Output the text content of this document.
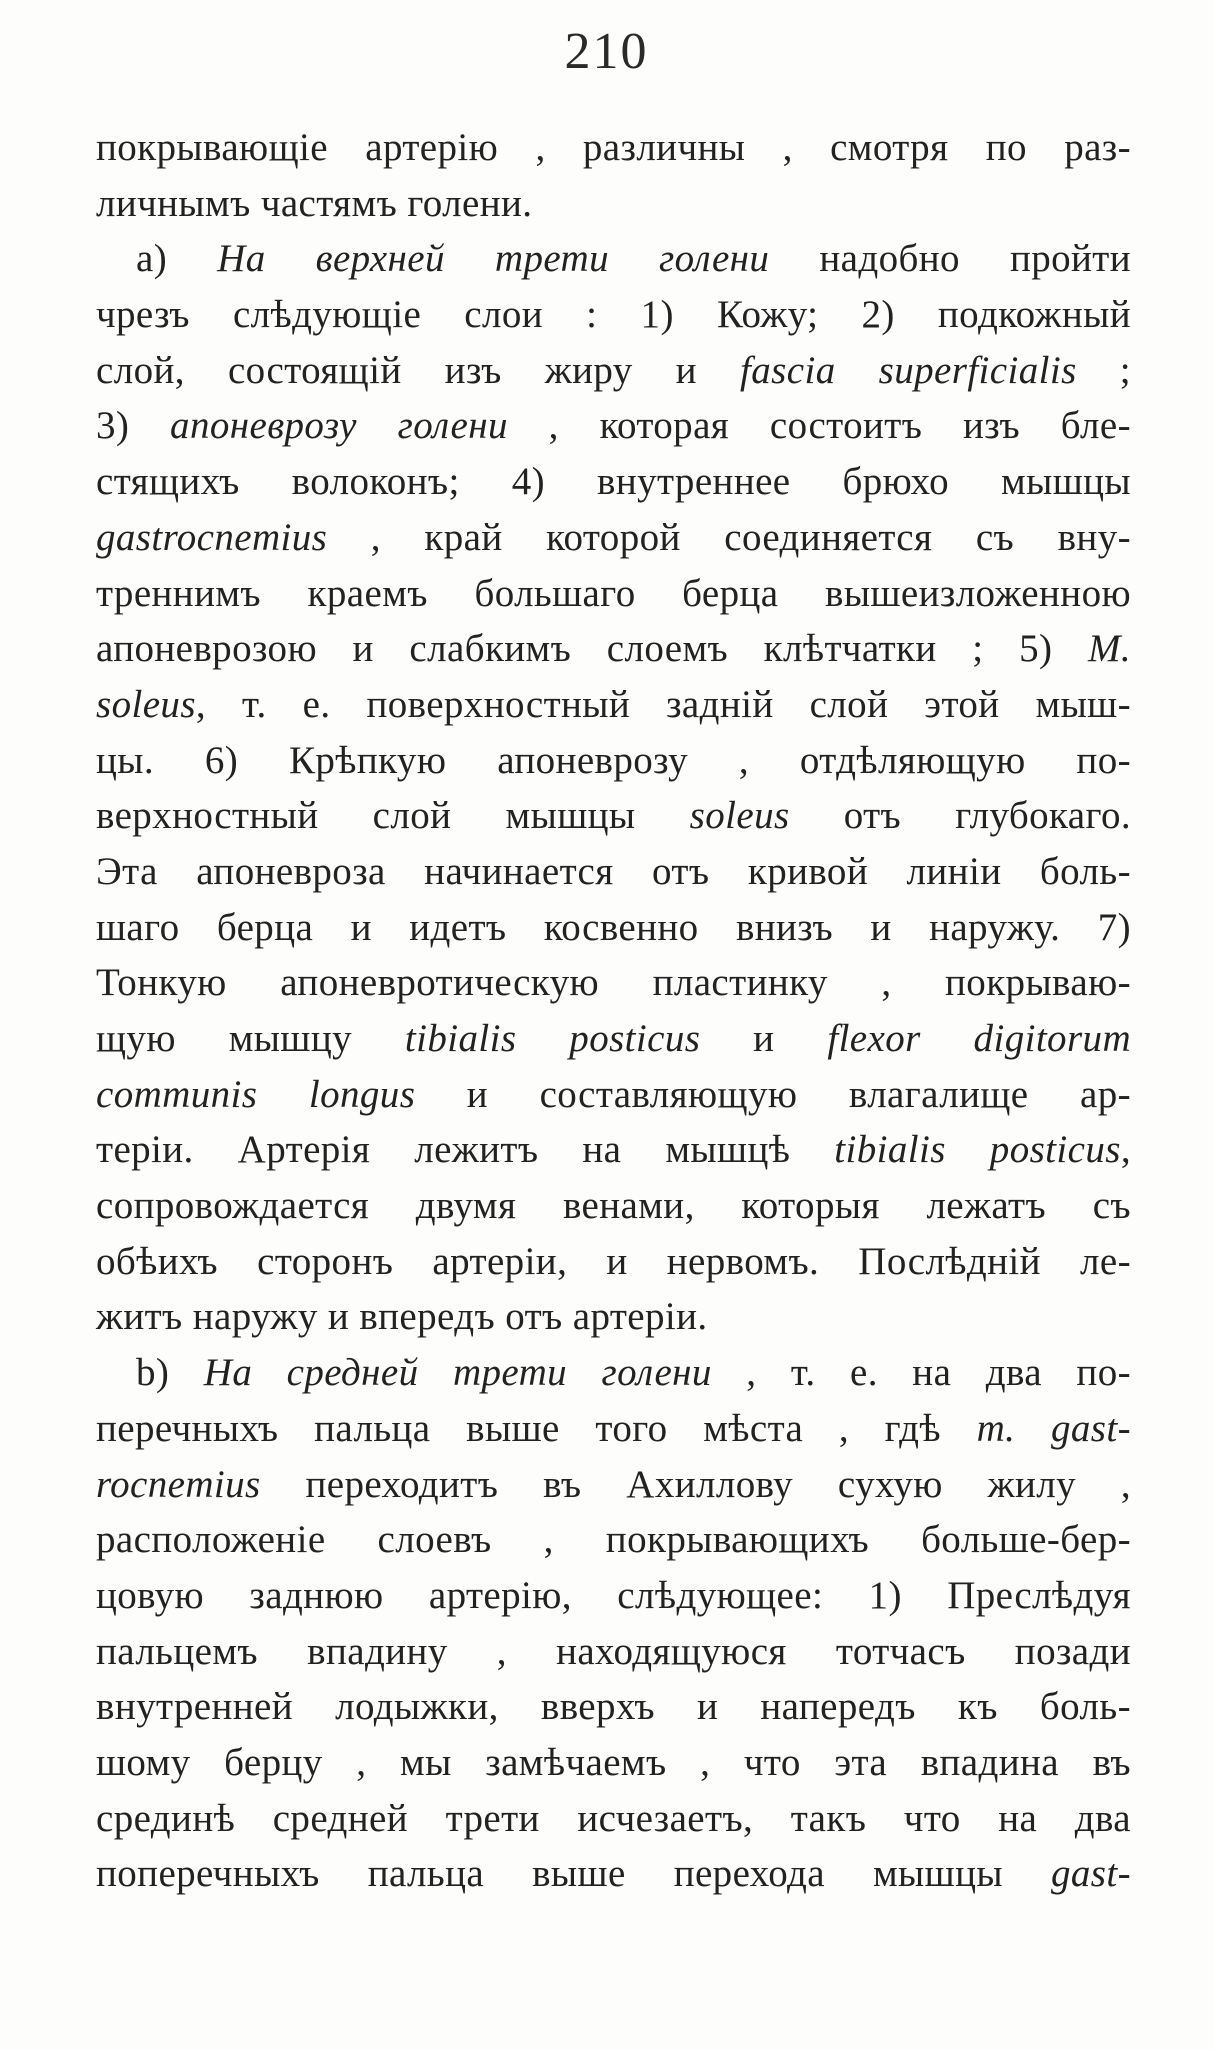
210
покрывающіе артерію , различны , смотря по раз-
личнымъ частямъ голени.
a) На верхней трети голени надобно пройти
чрезъ слѣдующіе слои : 1) Кожу; 2) подкожный
слой, состоящій изъ жиру и fascia superficialis ;
3) апоневрозу голени , которая состоитъ изъ бле-
стящихъ волоконъ; 4) внутреннее брюхо мышцы
gastrocnemius , край которой соединяется съ вну-
треннимъ краемъ большаго берца вышеизложенною
апоневрозою и слабкимъ слоемъ клѣтчатки ; 5) M.
soleus, т. е. поверхностный задній слой этой мыш-
цы. 6) Крѣпкую апоневрозу , отдѣляющую по-
верхностный слой мышцы soleus отъ глубокаго.
Эта апоневроза начинается отъ кривой линіи боль-
шаго берца и идетъ косвенно внизъ и наружу. 7)
Тонкую апоневротическую пластинку , покрываю-
щую мышцу tibialis posticus и flexor digitorum
communis longus и составляющую влагалище ар-
теріи. Артерія лежитъ на мышцѣ tibialis posticus,
сопровождается двумя венами, которыя лежатъ съ
обѣихъ сторонъ артеріи, и нервомъ. Послѣдній ле-
житъ наружу и впередъ отъ артеріи.
b) На средней трети голени , т. е. на два по-
перечныхъ пальца выше того мѣста , гдѣ m. gast-
rocnemius переходитъ въ Ахиллову сухую жилу ,
расположеніе слоевъ , покрывающихъ больше-бер-
цовую заднюю артерію, слѣдующее: 1) Преслѣдуя
пальцемъ впадину , находящуюся тотчасъ позади
внутренней лодыжки, вверхъ и напередъ къ боль-
шому берцу , мы замѣчаемъ , что эта впадина въ
срединѣ средней трети исчезаетъ, такъ что на два
поперечныхъ пальца выше перехода мышцы gast-
